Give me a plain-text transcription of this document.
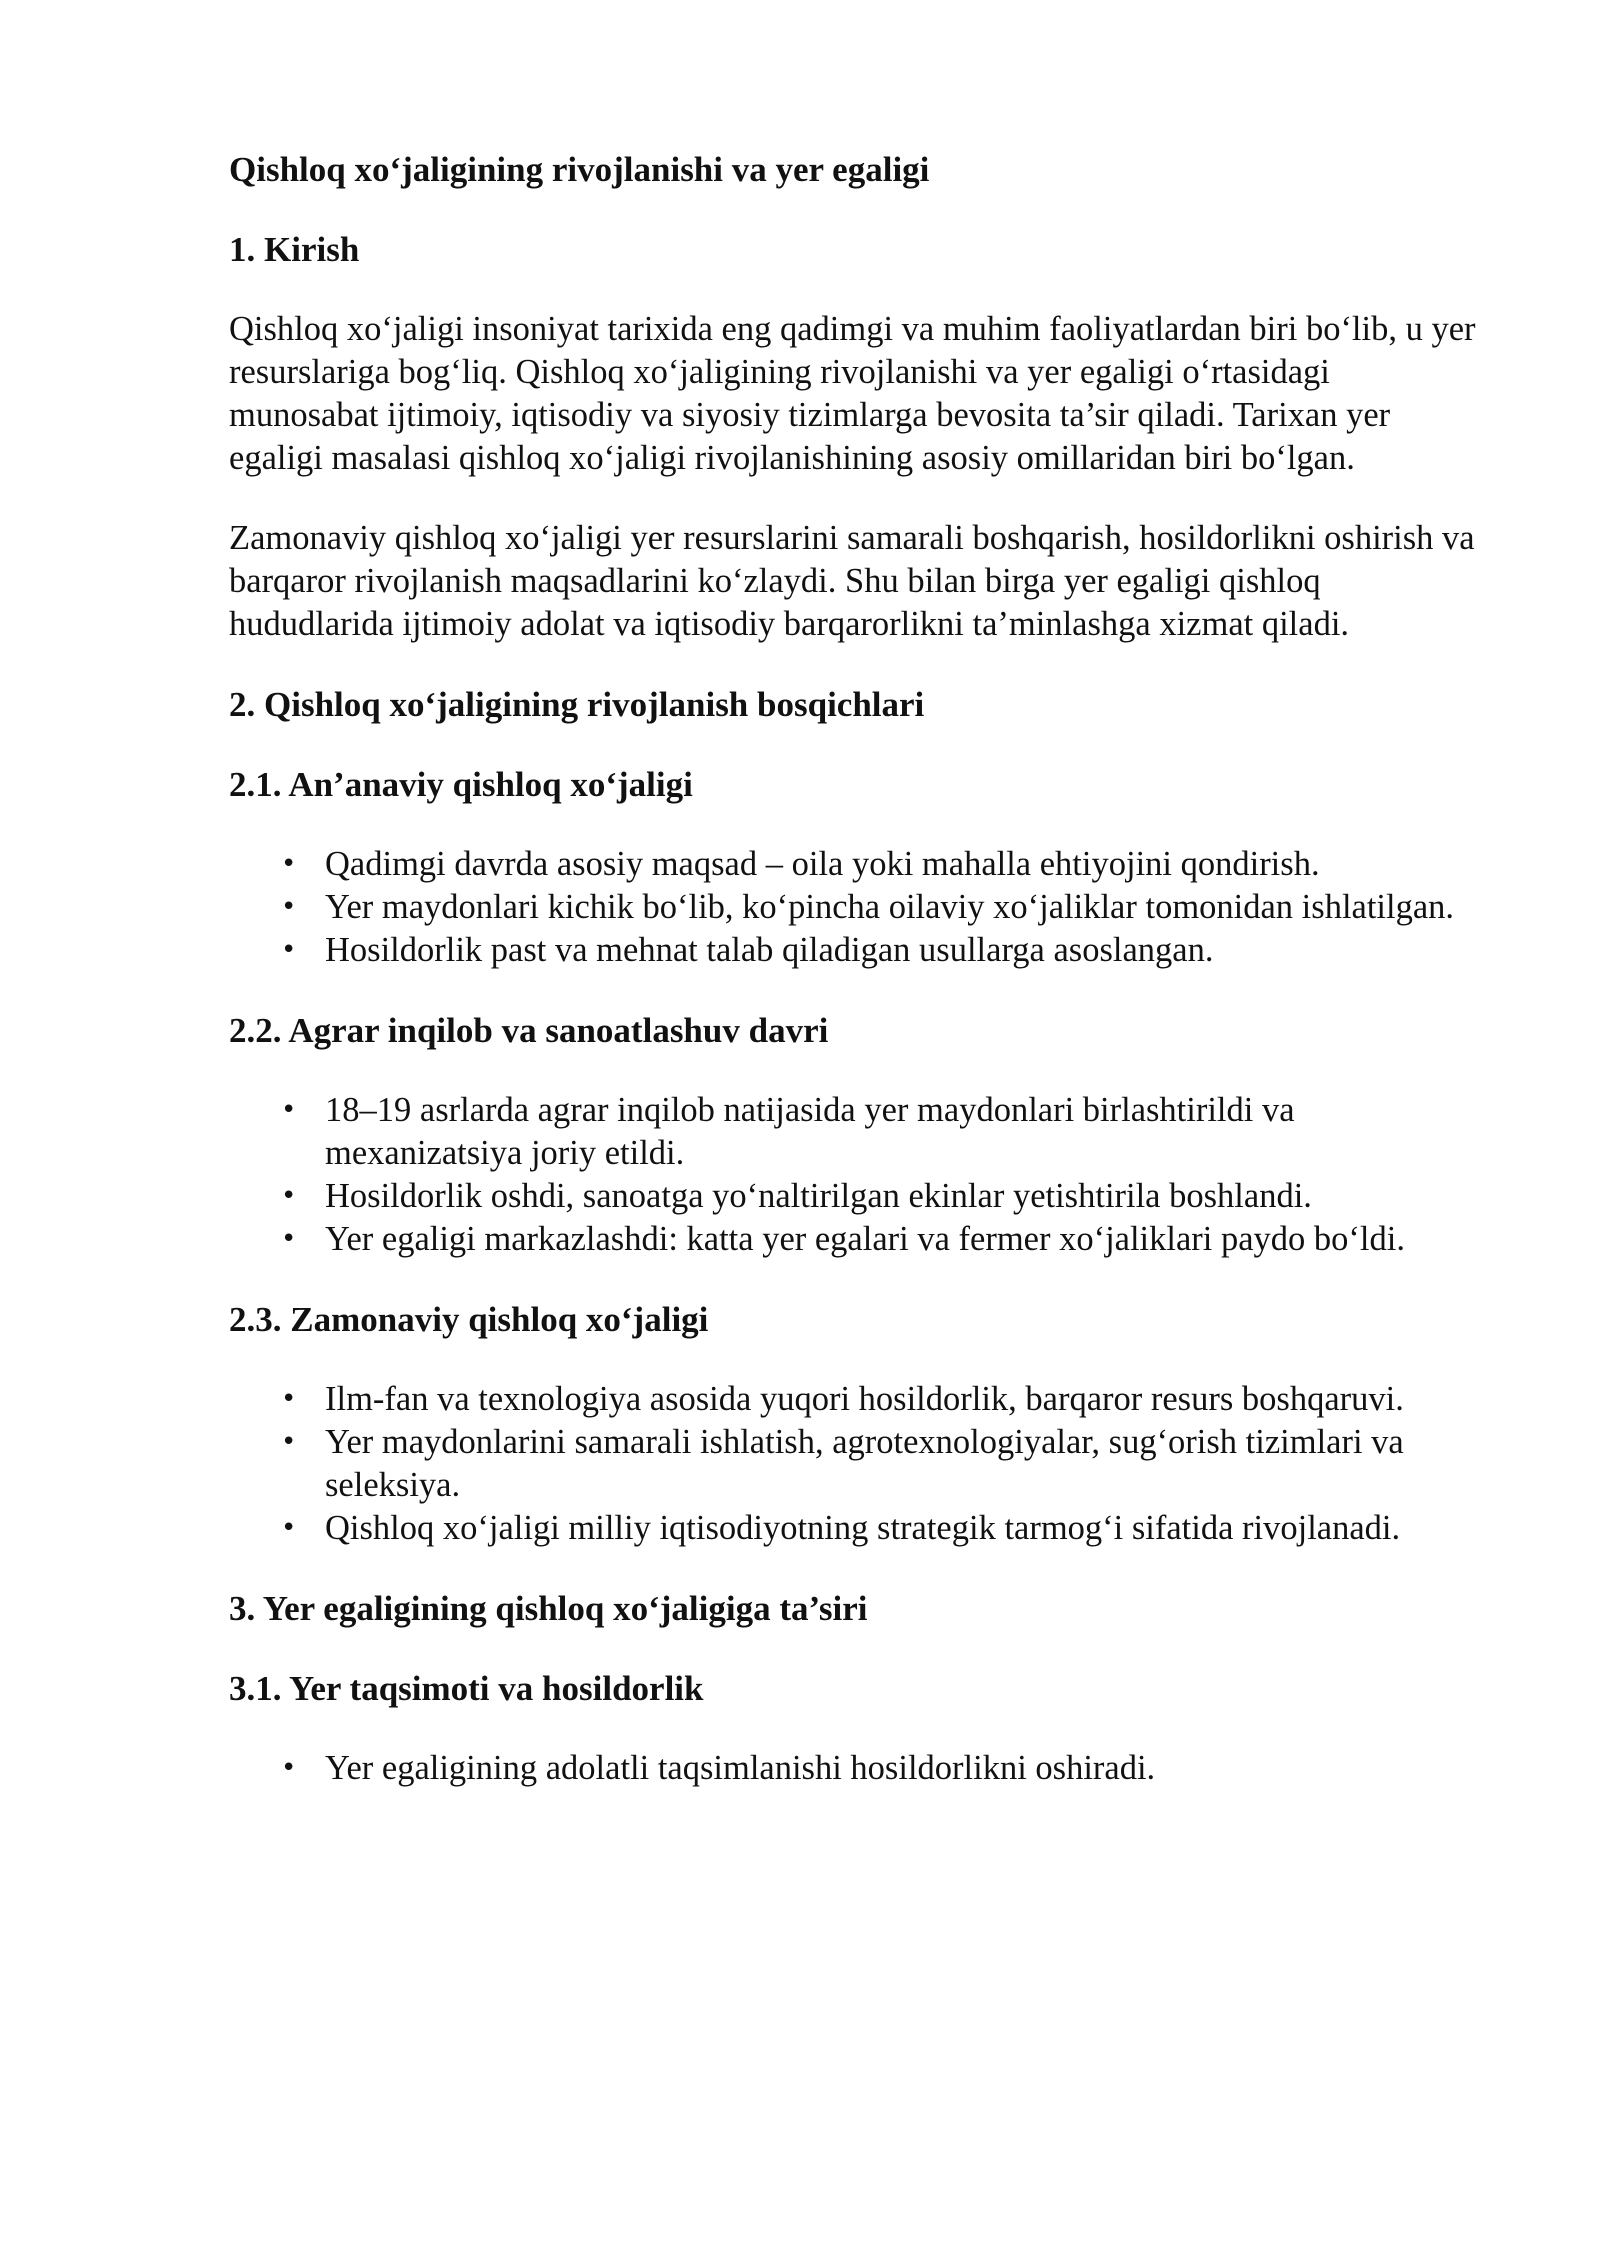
Qishloq xo‘jaligining rivojlanishi va yer egaligi
1. Kirish

Qishloq xo‘jaligi insoniyat tarixida eng qadimgi va muhim faoliyatlardan biri bo‘lib, u yer resurslariga bog‘liq. Qishloq xo‘jaligining rivojlanishi va yer egaligi o‘rtasidagi munosabat ijtimoiy, iqtisodiy va siyosiy tizimlarga bevosita ta’sir qiladi. Tarixan yer egaligi masalasi qishloq xo‘jaligi rivojlanishining asosiy omillaridan biri bo‘lgan.

Zamonaviy qishloq xo‘jaligi yer resurslarini samarali boshqarish, hosildorlikni oshirish va barqaror rivojlanish maqsadlarini ko‘zlaydi. Shu bilan birga yer egaligi qishloq hududlarida ijtimoiy adolat va iqtisodiy barqarorlikni ta’minlashga xizmat qiladi.

2. Qishloq xo‘jaligining rivojlanish bosqichlari
2.1. An’anaviy qishloq xo‘jaligi
• Qadimgi davrda asosiy maqsad – oila yoki mahalla ehtiyojini qondirish.
• Yer maydonlari kichik bo‘lib, ko‘pincha oilaviy xo‘jaliklar tomonidan ishlatilgan.
• Hosildorlik past va mehnat talab qiladigan usullarga asoslangan.
2.2. Agrar inqilob va sanoatlashuv davri
• 18–19 asrlarda agrar inqilob natijasida yer maydonlari birlashtirildi va mexanizatsiya joriy etildi.
• Hosildorlik oshdi, sanoatga yo‘naltirilgan ekinlar yetishtirila boshlandi.
• Yer egaligi markazlashdi: katta yer egalari va fermer xo‘jaliklari paydo bo‘ldi.
2.3. Zamonaviy qishloq xo‘jaligi
• Ilm-fan va texnologiya asosida yuqori hosildorlik, barqaror resurs boshqaruvi.
• Yer maydonlarini samarali ishlatish, agrotexnologiyalar, sug‘orish tizimlari va seleksiya.
• Qishloq xo‘jaligi milliy iqtisodiyotning strategik tarmog‘i sifatida rivojlanadi.
3. Yer egaligining qishloq xo‘jaligiga ta’siri
3.1. Yer taqsimoti va hosildorlik
• Yer egaligining adolatli taqsimlanishi hosildorlikni oshiradi.
